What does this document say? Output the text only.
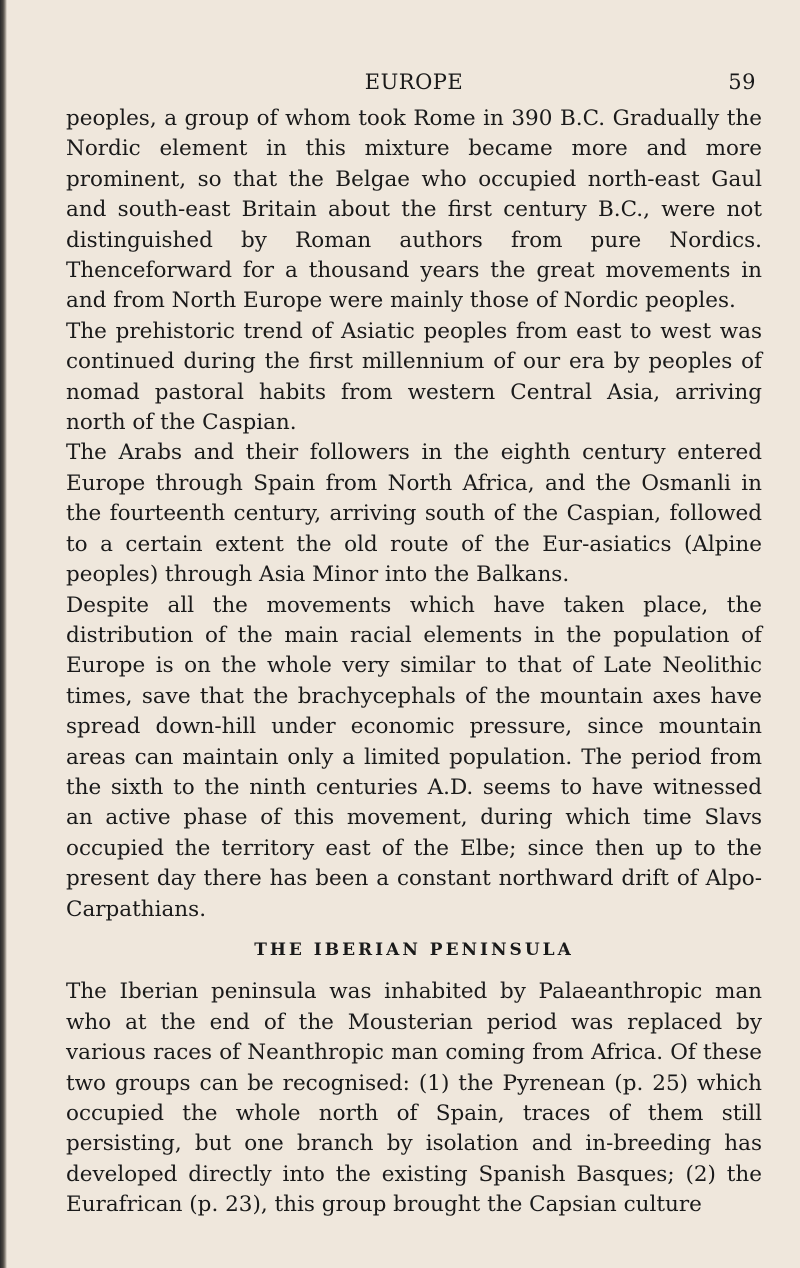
EUROPE	59

peoples, a group of whom took Rome in 390 B.C. Gradually the Nordic element in this mixture became more and more prominent, so that the Belgae who occupied north-east Gaul and south-east Britain about the first century B.C., were not distinguished by Roman authors from pure Nordics. Thenceforward for a thousand years the great movements in and from North Europe were mainly those of Nordic peoples.

The prehistoric trend of Asiatic peoples from east to west was continued during the first millennium of our era by peoples of nomad pastoral habits from western Central Asia, arriving north of the Caspian.

The Arabs and their followers in the eighth century entered Europe through Spain from North Africa, and the Osmanli in the fourteenth century, arriving south of the Caspian, followed to a certain extent the old route of the Eur-asiatics (Alpine peoples) through Asia Minor into the Balkans.

Despite all the movements which have taken place, the distribution of the main racial elements in the population of Europe is on the whole very similar to that of Late Neolithic times, save that the brachycephals of the mountain axes have spread down-hill under economic pressure, since mountain areas can maintain only a limited population. The period from the sixth to the ninth centuries A.D. seems to have witnessed an active phase of this movement, during which time Slavs occupied the territory east of the Elbe; since then up to the present day there has been a constant northward drift of Alpo-Carpathians.

THE IBERIAN PENINSULA

The Iberian peninsula was inhabited by Palaeanthropic man who at the end of the Mousterian period was replaced by various races of Neanthropic man coming from Africa. Of these two groups can be recognised: (1) the Pyrenean (p. 25) which occupied the whole north of Spain, traces of them still persisting, but one branch by isolation and in-breeding has developed directly into the existing Spanish Basques; (2) the Eurafrican (p. 23), this group brought the Capsian culture
